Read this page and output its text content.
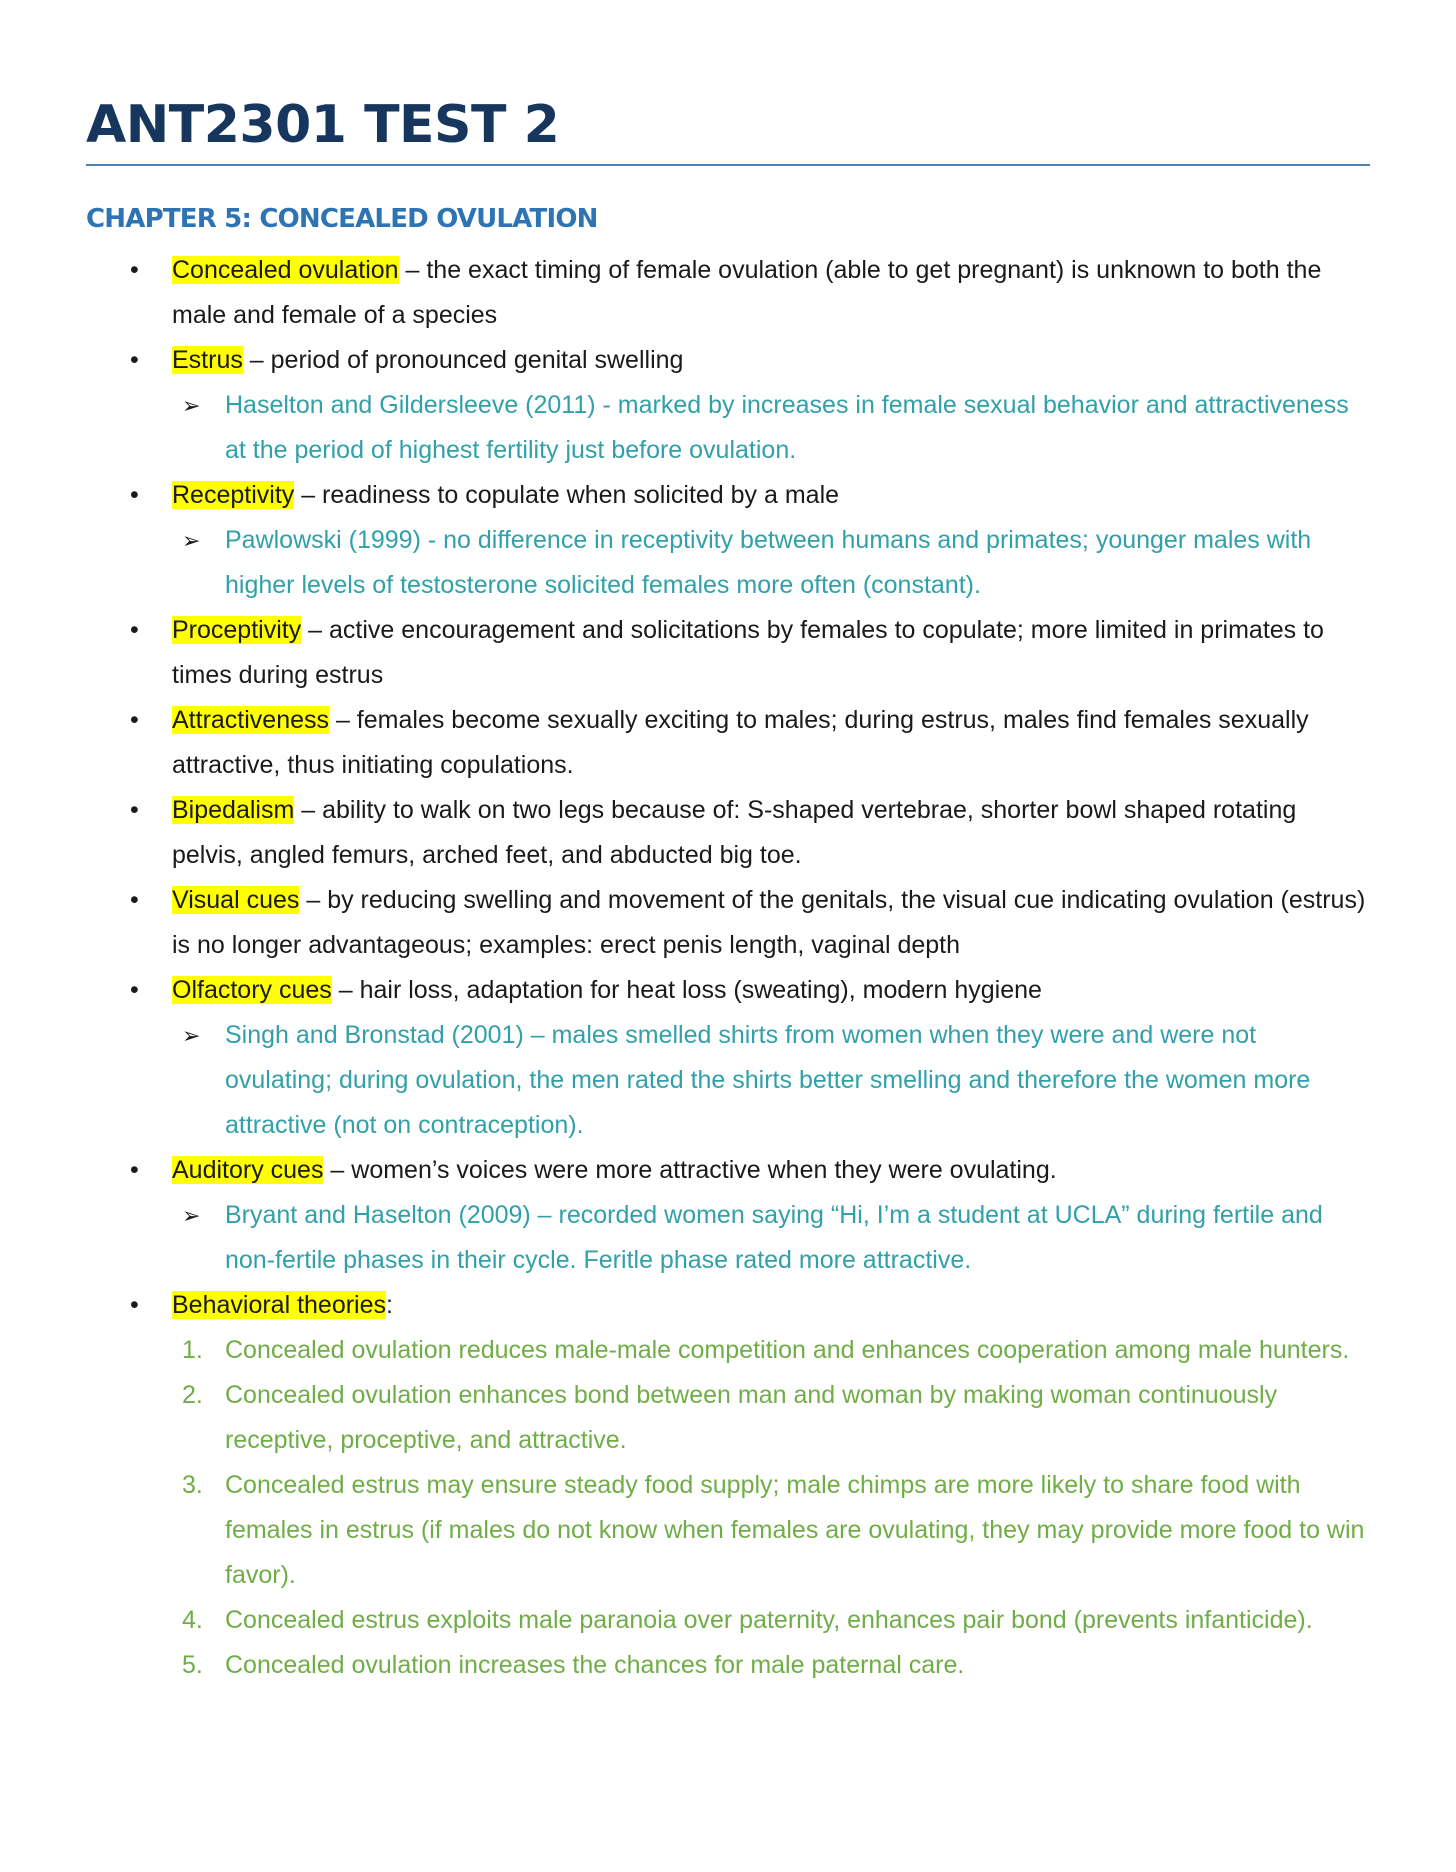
ANT2301 TEST 2
CHAPTER 5: CONCEALED OVULATION
• Concealed ovulation – the exact timing of female ovulation (able to get pregnant) is unknown to both the male and female of a species
• Estrus – period of pronounced genital swelling
➢ Haselton and Gildersleeve (2011) - marked by increases in female sexual behavior and attractiveness at the period of highest fertility just before ovulation.
• Receptivity – readiness to copulate when solicited by a male
➢ Pawlowski (1999) - no difference in receptivity between humans and primates; younger males with higher levels of testosterone solicited females more often (constant).
• Proceptivity – active encouragement and solicitations by females to copulate; more limited in primates to times during estrus
• Attractiveness – females become sexually exciting to males; during estrus, males find females sexually attractive, thus initiating copulations.
• Bipedalism – ability to walk on two legs because of: S-shaped vertebrae, shorter bowl shaped rotating pelvis, angled femurs, arched feet, and abducted big toe.
• Visual cues – by reducing swelling and movement of the genitals, the visual cue indicating ovulation (estrus) is no longer advantageous; examples: erect penis length, vaginal depth
• Olfactory cues – hair loss, adaptation for heat loss (sweating), modern hygiene
➢ Singh and Bronstad (2001) – males smelled shirts from women when they were and were not ovulating; during ovulation, the men rated the shirts better smelling and therefore the women more attractive (not on contraception).
• Auditory cues – women’s voices were more attractive when they were ovulating.
➢ Bryant and Haselton (2009) – recorded women saying “Hi, I’m a student at UCLA” during fertile and non-fertile phases in their cycle. Feritle phase rated more attractive.
• Behavioral theories:
1. Concealed ovulation reduces male-male competition and enhances cooperation among male hunters.
2. Concealed ovulation enhances bond between man and woman by making woman continuously receptive, proceptive, and attractive.
3. Concealed estrus may ensure steady food supply; male chimps are more likely to share food with females in estrus (if males do not know when females are ovulating, they may provide more food to win favor).
4. Concealed estrus exploits male paranoia over paternity, enhances pair bond (prevents infanticide).
5. Concealed ovulation increases the chances for male paternal care.
